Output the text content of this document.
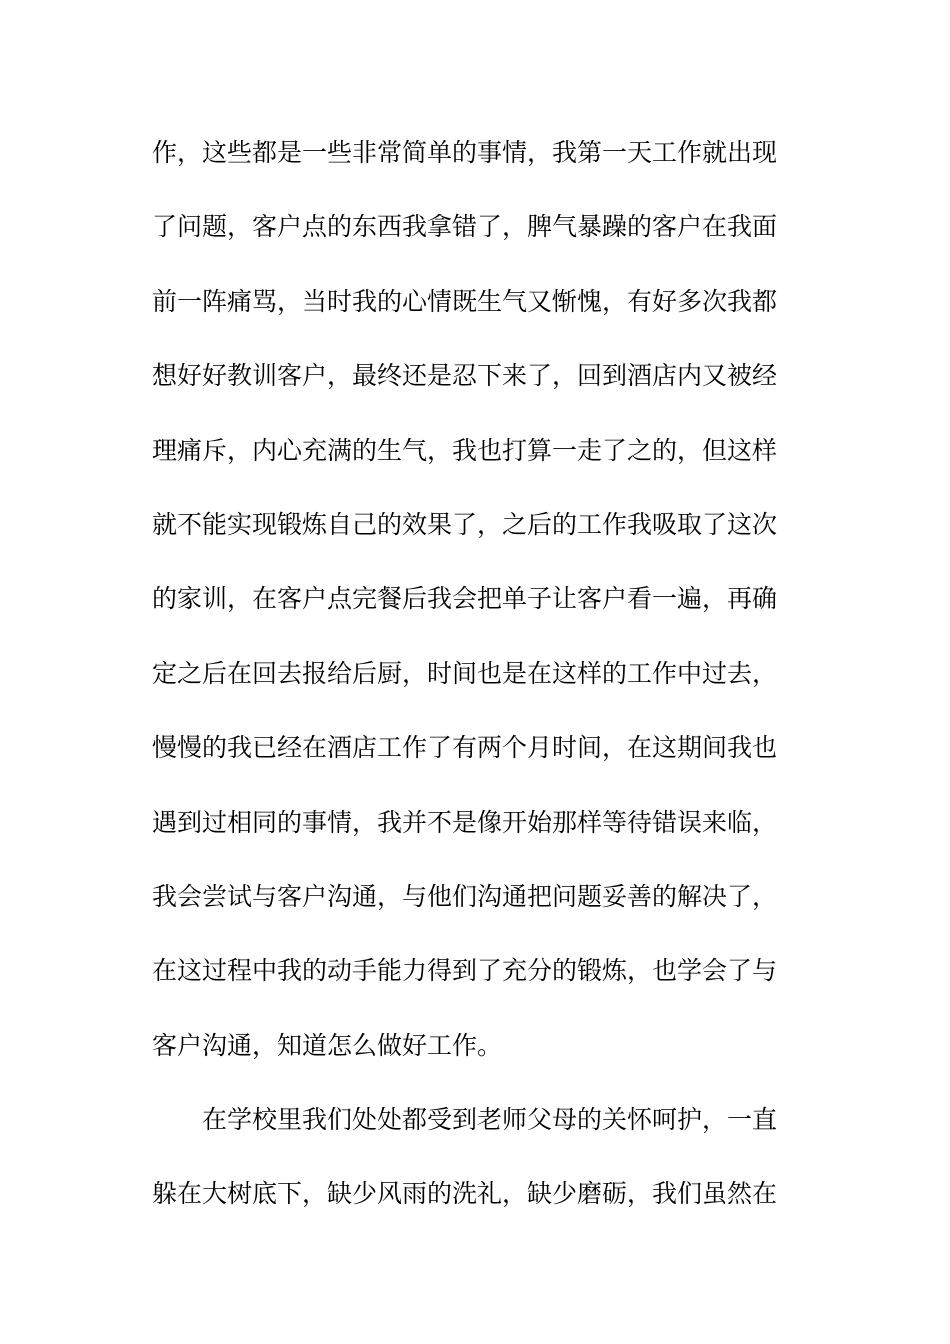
作，这些都是一些非常简单的事情，我第一天工作就出现
了问题，客户点的东西我拿错了，脾气暴躁的客户在我面
前一阵痛骂，当时我的心情既生气又惭愧，有好多次我都
想好好教训客户，最终还是忍下来了，回到酒店内又被经
理痛斥，内心充满的生气，我也打算一走了之的，但这样
就不能实现锻炼自己的效果了，之后的工作我吸取了这次
的家训，在客户点完餐后我会把单子让客户看一遍，再确
定之后在回去报给后厨，时间也是在这样的工作中过去，
慢慢的我已经在酒店工作了有两个月时间，在这期间我也
遇到过相同的事情，我并不是像开始那样等待错误来临，
我会尝试与客户沟通，与他们沟通把问题妥善的解决了，
在这过程中我的动手能力得到了充分的锻炼，也学会了与
客户沟通，知道怎么做好工作。
在学校里我们处处都受到老师父母的关怀呵护，一直
躲在大树底下，缺少风雨的洗礼，缺少磨砺，我们虽然在
